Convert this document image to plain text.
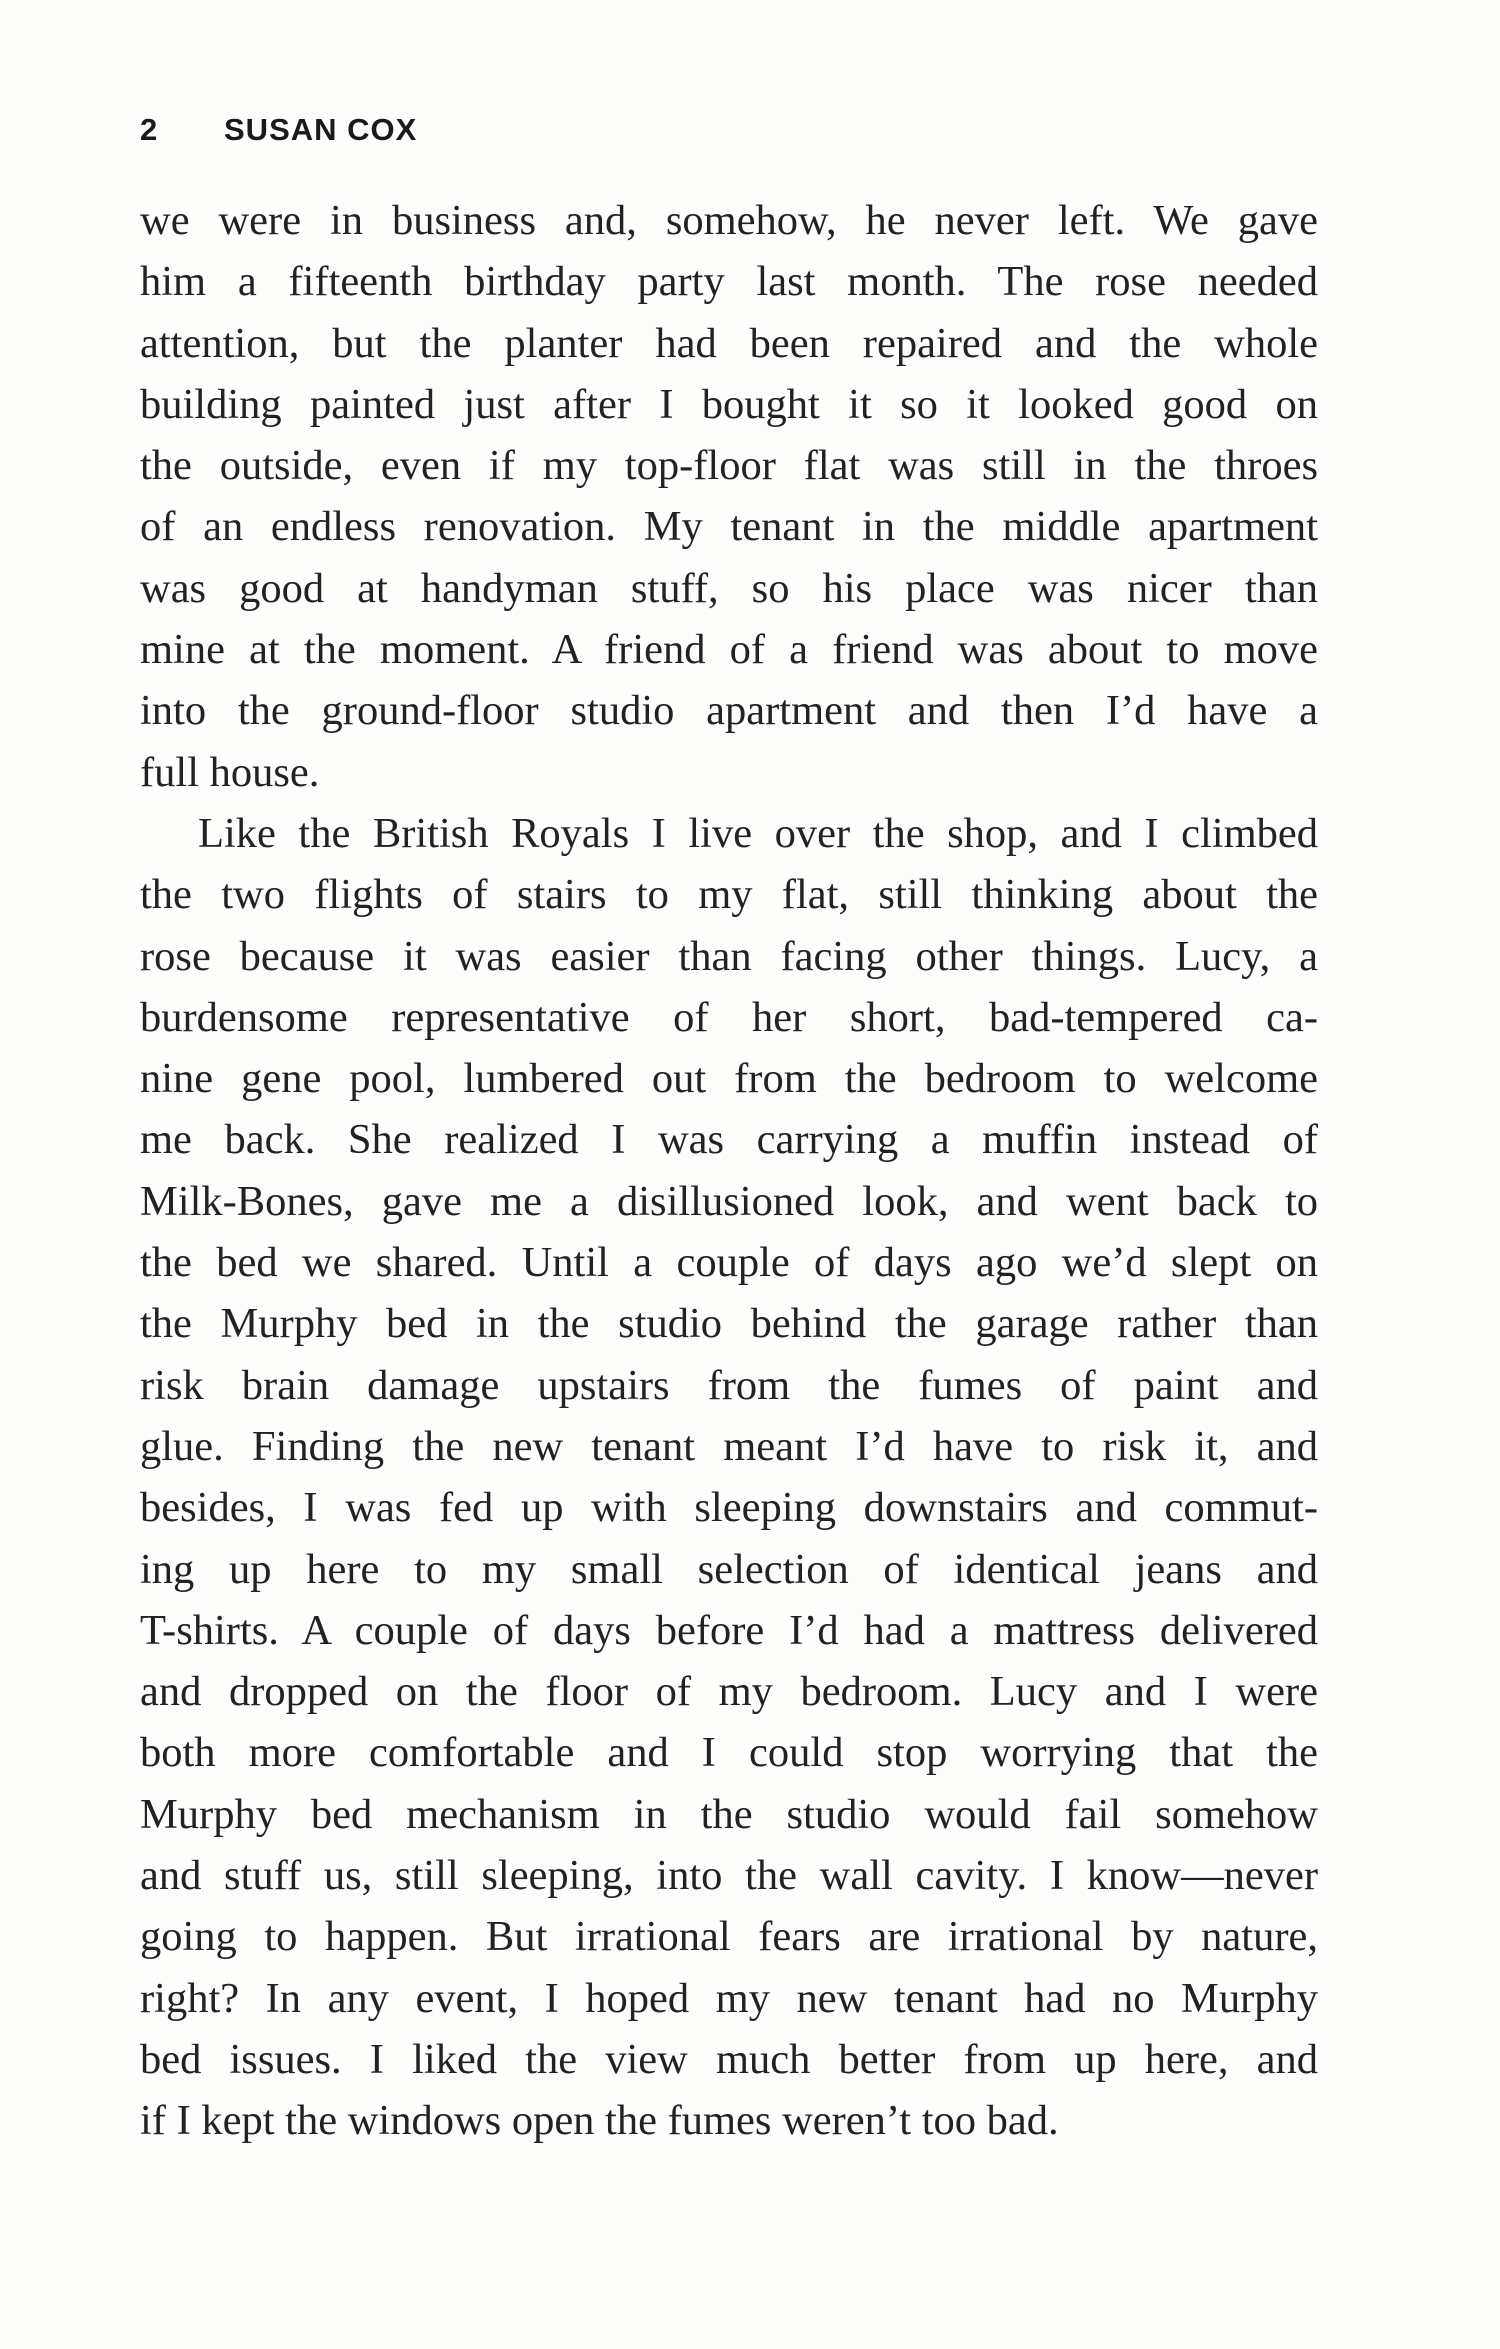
2	SUSAN COX
we were in business and, somehow, he never left. We gave
him a fifteenth birthday party last month. The rose needed
attention, but the planter had been repaired and the whole
building painted just after I bought it so it looked good on
the outside, even if my top-floor flat was still in the throes
of an endless renovation. My tenant in the middle apartment
was good at handyman stuff, so his place was nicer than
mine at the moment. A friend of a friend was about to move
into the ground-floor studio apartment and then I’d have a
full house.
Like the British Royals I live over the shop, and I climbed
the two flights of stairs to my flat, still thinking about the
rose because it was easier than facing other things. Lucy, a
burdensome representative of her short, bad-tempered ca-
nine gene pool, lumbered out from the bedroom to welcome
me back. She realized I was carrying a muffin instead of
Milk-Bones, gave me a disillusioned look, and went back to
the bed we shared. Until a couple of days ago we’d slept on
the Murphy bed in the studio behind the garage rather than
risk brain damage upstairs from the fumes of paint and
glue. Finding the new tenant meant I’d have to risk it, and
besides, I was fed up with sleeping downstairs and commut-
ing up here to my small selection of identical jeans and
T-shirts. A couple of days before I’d had a mattress delivered
and dropped on the floor of my bedroom. Lucy and I were
both more comfortable and I could stop worrying that the
Murphy bed mechanism in the studio would fail somehow
and stuff us, still sleeping, into the wall cavity. I know—never
going to happen. But irrational fears are irrational by nature,
right? In any event, I hoped my new tenant had no Murphy
bed issues. I liked the view much better from up here, and
if I kept the windows open the fumes weren’t too bad.
